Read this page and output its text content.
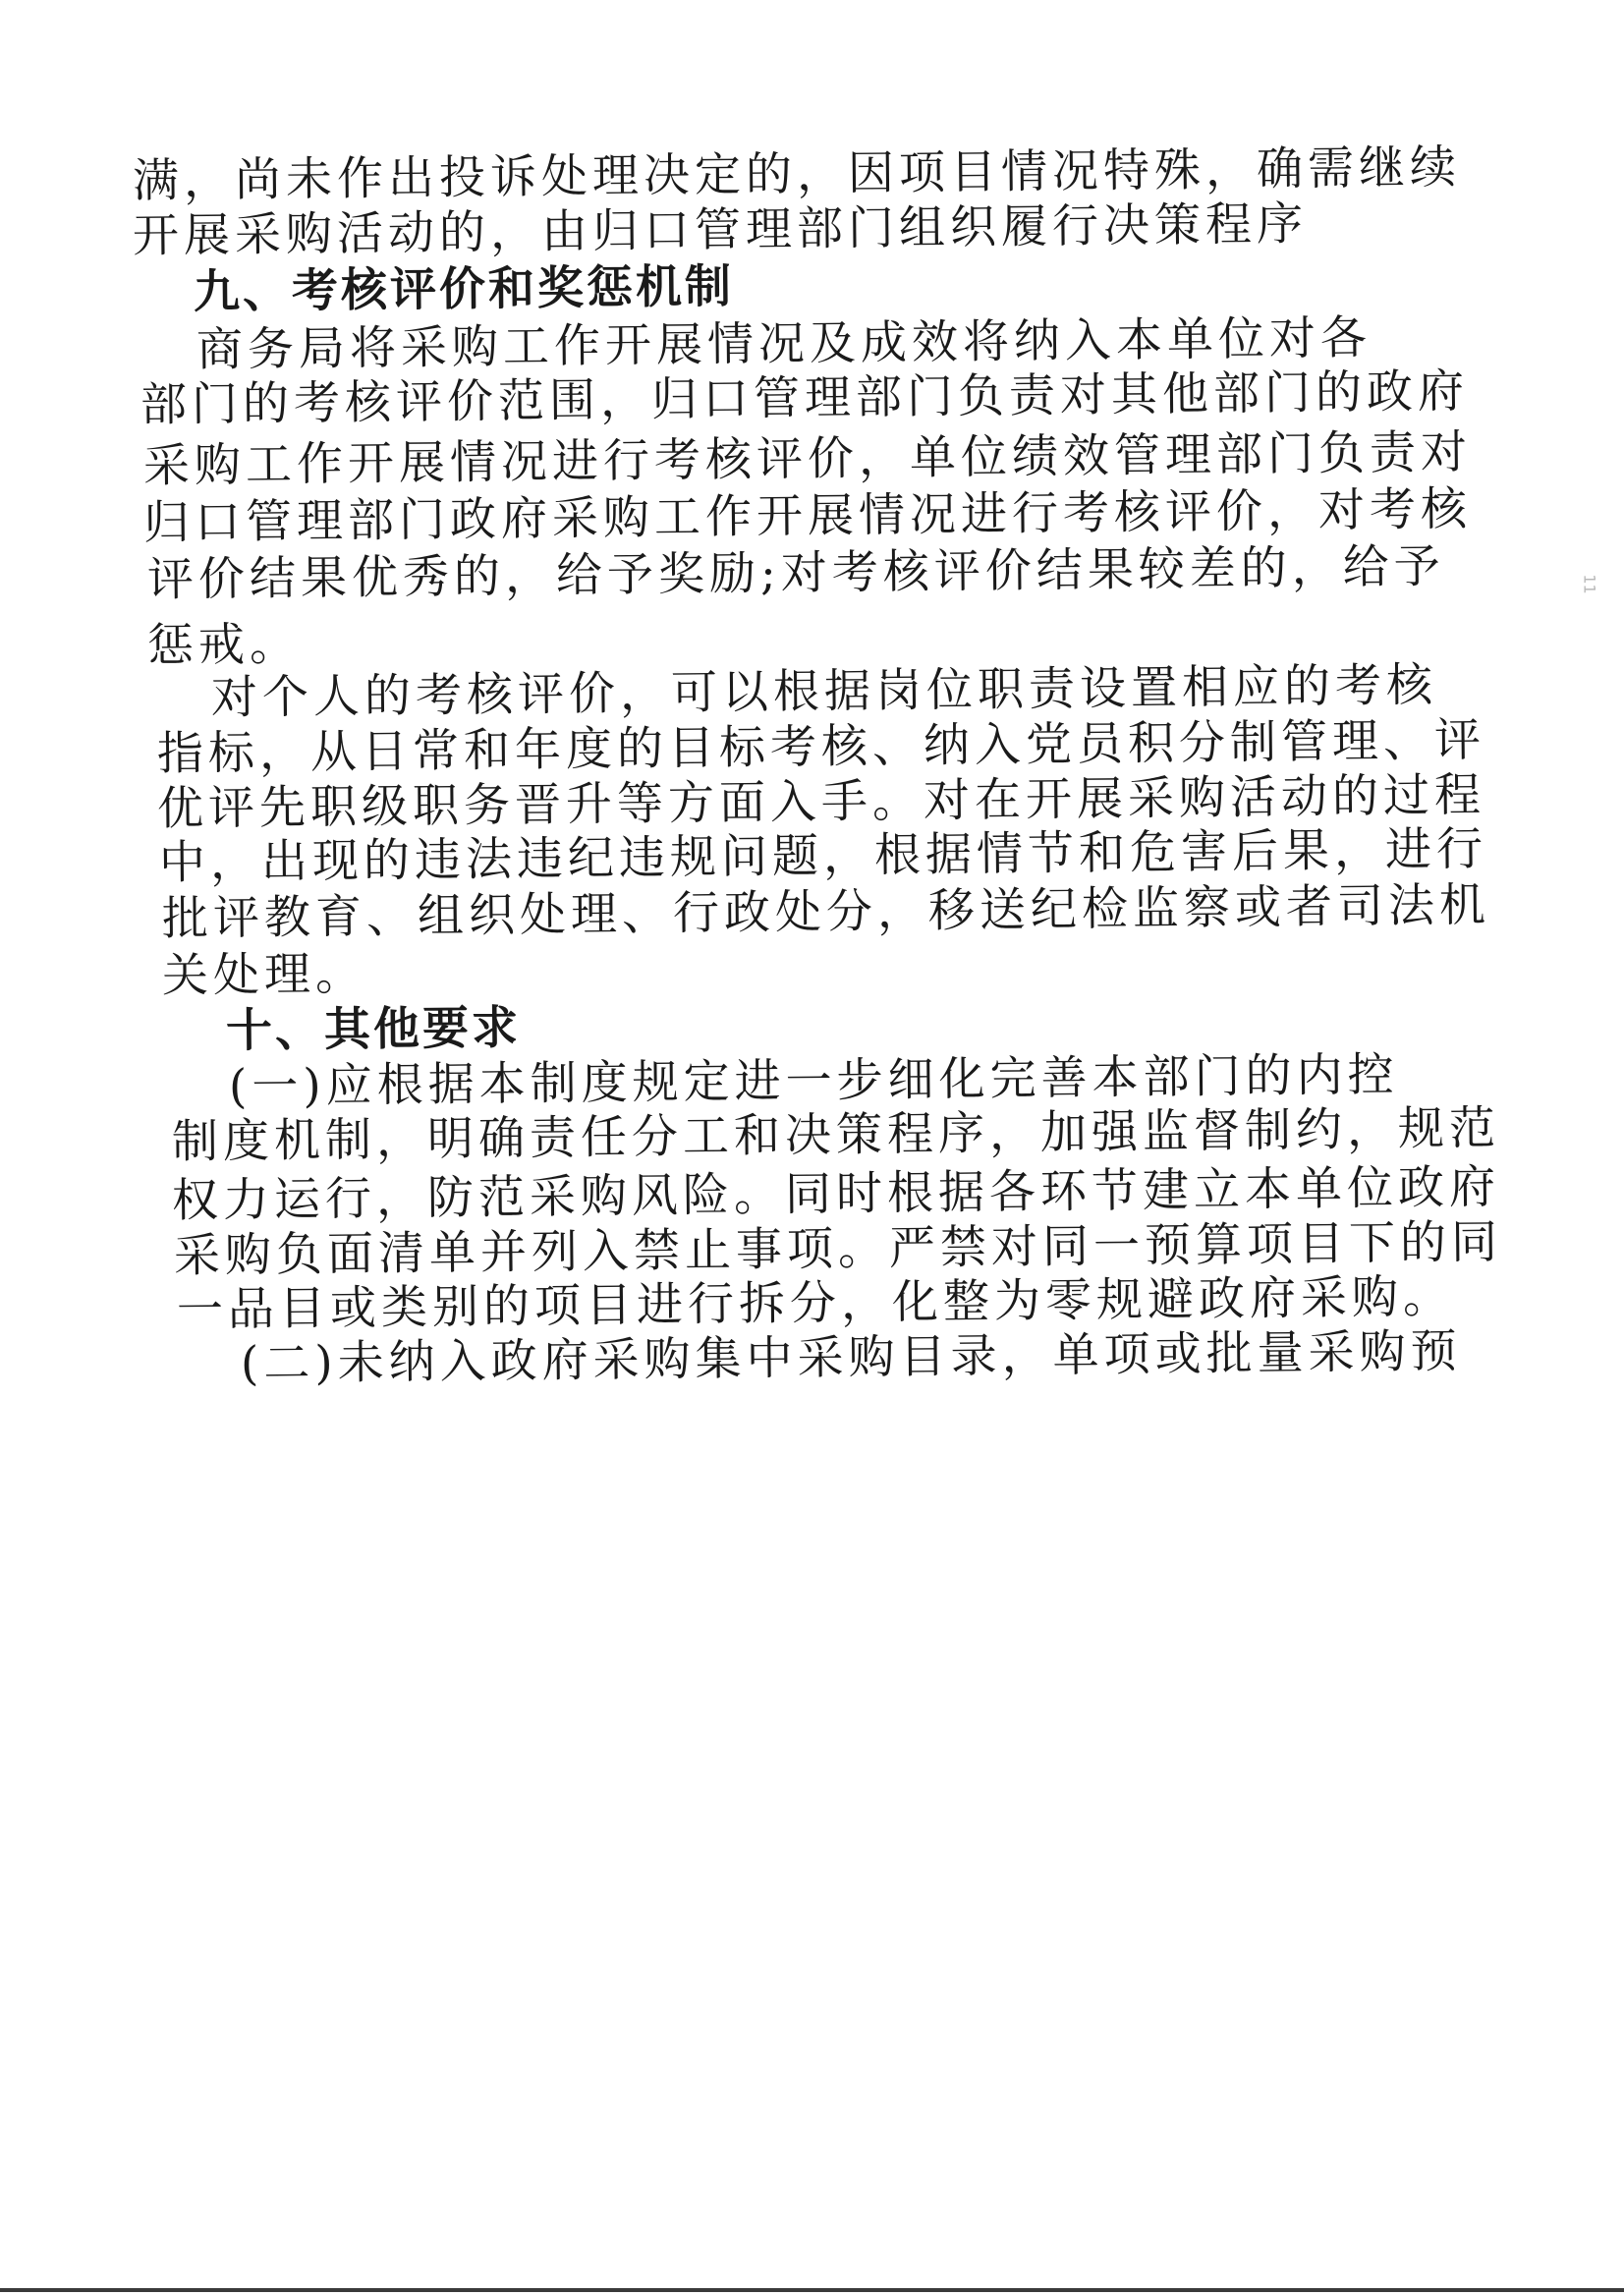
满，尚未作出投诉处理决定的，因项目情况特殊，确需继续
开展采购活动的，由归口管理部门组织履行决策程序
九、考核评价和奖惩机制
商务局将采购工作开展情况及成效将纳入本单位对各
部门的考核评价范围，归口管理部门负责对其他部门的政府
采购工作开展情况进行考核评价，单位绩效管理部门负责对
归口管理部门政府采购工作开展情况进行考核评价，对考核
评价结果优秀的，给予奖励;对考核评价结果较差的，给予
惩戒。
对个人的考核评价，可以根据岗位职责设置相应的考核
指标，从日常和年度的目标考核、纳入党员积分制管理、评
优评先职级职务晋升等方面入手。对在开展采购活动的过程
中，出现的违法违纪违规问题，根据情节和危害后果，进行
批评教育、组织处理、行政处分，移送纪检监察或者司法机
关处理。
十、其他要求
(一)应根据本制度规定进一步细化完善本部门的内控
制度机制，明确责任分工和决策程序，加强监督制约，规范
权力运行，防范采购风险。同时根据各环节建立本单位政府
采购负面清单并列入禁止事项。严禁对同一预算项目下的同
一品目或类别的项目进行拆分，化整为零规避政府采购。
(二)未纳入政府采购集中采购目录，单项或批量采购预
11
